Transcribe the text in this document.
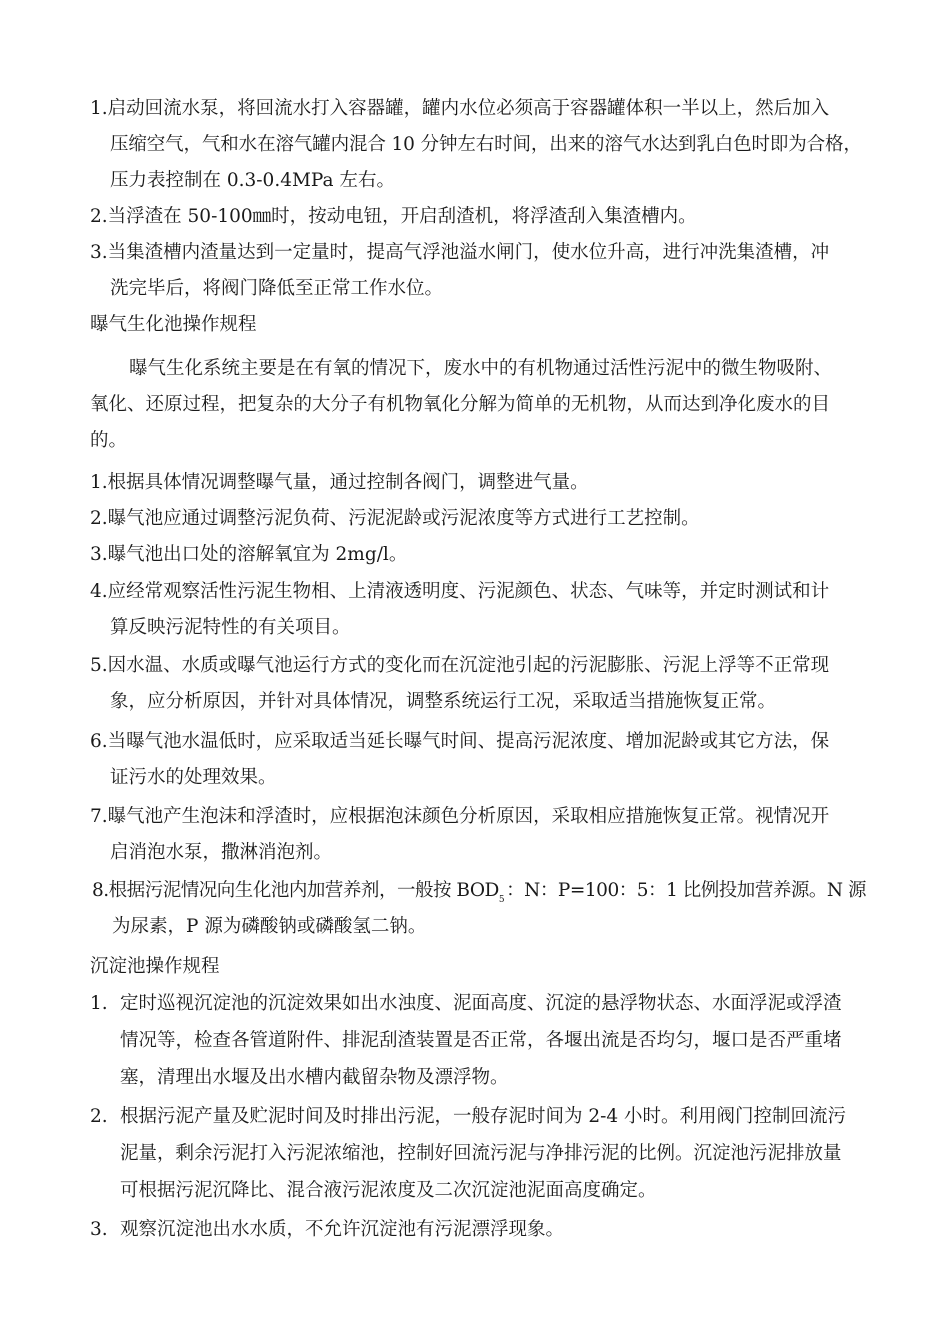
1.启动回流水泵，将回流水打入容器罐，罐内水位必须高于容器罐体积一半以上，然后加入
压缩空气，气和水在溶气罐内混合 10 分钟左右时间，出来的溶气水达到乳白色时即为合格，
压力表控制在 0.3-0.4MPa 左右。
2.当浮渣在 50-100㎜时，按动电钮，开启刮渣机，将浮渣刮入集渣槽内。
3.当集渣槽内渣量达到一定量时，提高气浮池溢水闸门，使水位升高，进行冲洗集渣槽，冲
洗完毕后，将阀门降低至正常工作水位。
曝气生化池操作规程
曝气生化系统主要是在有氧的情况下，废水中的有机物通过活性污泥中的微生物吸附、
氧化、还原过程，把复杂的大分子有机物氧化分解为简单的无机物，从而达到净化废水的目
的。
1.根据具体情况调整曝气量，通过控制各阀门，调整进气量。
2.曝气池应通过调整污泥负荷、污泥泥龄或污泥浓度等方式进行工艺控制。
3.曝气池出口处的溶解氧宜为 2mg/l。
4.应经常观察活性污泥生物相、上清液透明度、污泥颜色、状态、气味等，并定时测试和计
算反映污泥特性的有关项目。
5.因水温、水质或曝气池运行方式的变化而在沉淀池引起的污泥膨胀、污泥上浮等不正常现
象，应分析原因，并针对具体情况，调整系统运行工况，采取适当措施恢复正常。
6.当曝气池水温低时，应采取适当延长曝气时间、提高污泥浓度、增加泥龄或其它方法，保
证污水的处理效果。
7.曝气池产生泡沫和浮渣时，应根据泡沫颜色分析原因，采取相应措施恢复正常。视情况开
启消泡水泵，撒淋消泡剂。
8.根据污泥情况向生化池内加营养剂，一般按 $BOD_5$ ：N：P=100：5：1 比例投加营养源。N 源
为尿素，P 源为磷酸钠或磷酸氢二钠。
沉淀池操作规程
1. 定时巡视沉淀池的沉淀效果如出水浊度、泥面高度、沉淀的悬浮物状态、水面浮泥或浮渣
情况等，检查各管道附件、排泥刮渣装置是否正常，各堰出流是否均匀，堰口是否严重堵
塞，清理出水堰及出水槽内截留杂物及漂浮物。
2. 根据污泥产量及贮泥时间及时排出污泥，一般存泥时间为 2-4 小时。利用阀门控制回流污
泥量，剩余污泥打入污泥浓缩池，控制好回流污泥与净排污泥的比例。沉淀池污泥排放量
可根据污泥沉降比、混合液污泥浓度及二次沉淀池泥面高度确定。
3. 观察沉淀池出水水质，不允许沉淀池有污泥漂浮现象。
